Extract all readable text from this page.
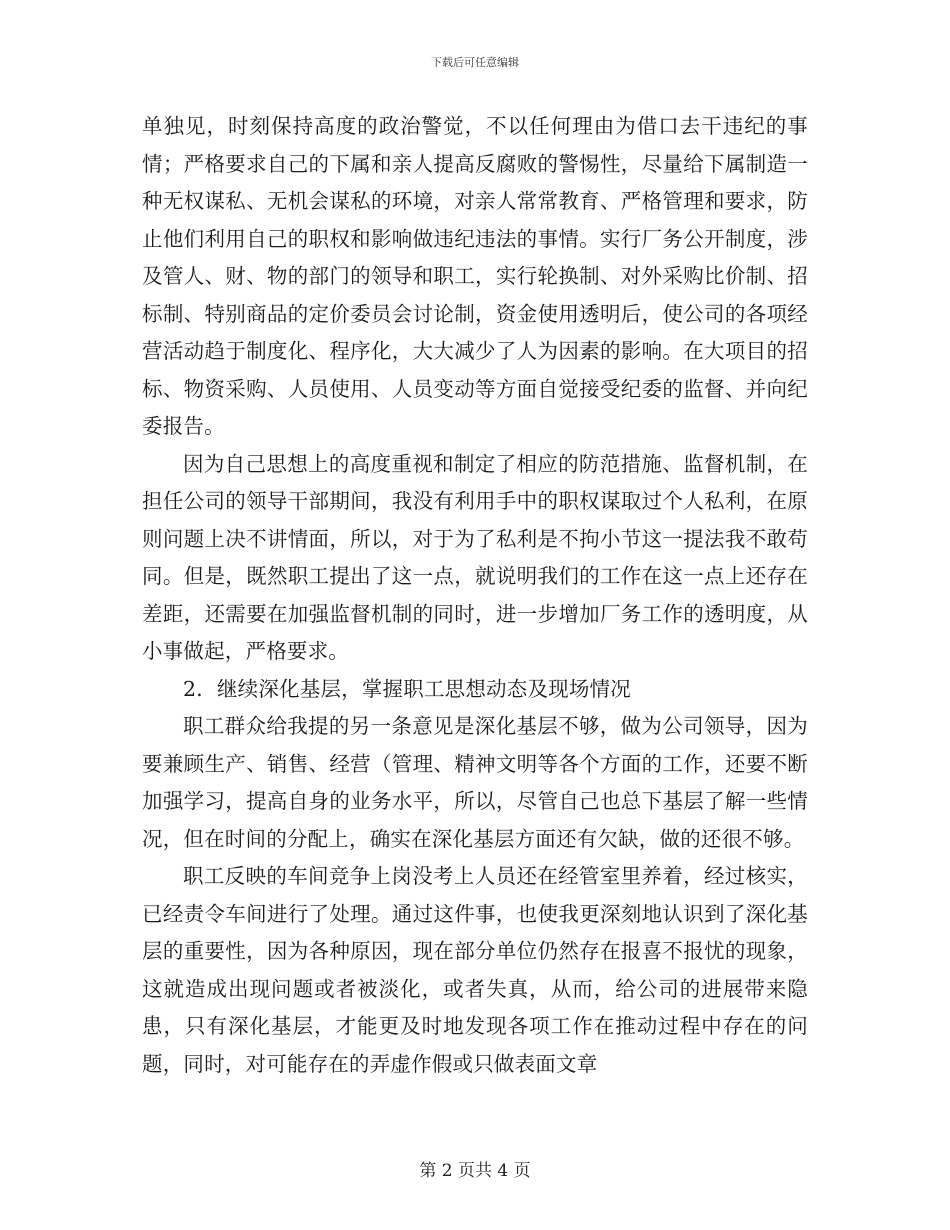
下载后可任意编辑

单独见，时刻保持高度的政治警觉，不以任何理由为借口去干违纪的事情；严格要求自己的下属和亲人提高反腐败的警惕性，尽量给下属制造一种无权谋私、无机会谋私的环境，对亲人常常教育、严格管理和要求，防止他们利用自己的职权和影响做违纪违法的事情。实行厂务公开制度，涉及管人、财、物的部门的领导和职工，实行轮换制、对外采购比价制、招标制、特别商品的定价委员会讨论制，资金使用透明后，使公司的各项经营活动趋于制度化、程序化，大大减少了人为因素的影响。在大项目的招标、物资采购、人员使用、人员变动等方面自觉接受纪委的监督、并向纪委报告。

因为自己思想上的高度重视和制定了相应的防范措施、监督机制，在担任公司的领导干部期间，我没有利用手中的职权谋取过个人私利，在原则问题上决不讲情面，所以，对于为了私利是不拘小节这一提法我不敢苟同。但是，既然职工提出了这一点，就说明我们的工作在这一点上还存在差距，还需要在加强监督机制的同时，进一步增加厂务工作的透明度，从小事做起，严格要求。

2．继续深化基层，掌握职工思想动态及现场情况

职工群众给我提的另一条意见是深化基层不够，做为公司领导，因为要兼顾生产、销售、经营（管理、精神文明等各个方面的工作，还要不断加强学习，提高自身的业务水平，所以，尽管自己也总下基层了解一些情况，但在时间的分配上，确实在深化基层方面还有欠缺，做的还很不够。

职工反映的车间竞争上岗没考上人员还在经管室里养着，经过核实，已经责令车间进行了处理。通过这件事，也使我更深刻地认识到了深化基层的重要性，因为各种原因，现在部分单位仍然存在报喜不报忧的现象，这就造成出现问题或者被淡化，或者失真，从而，给公司的进展带来隐患，只有深化基层，才能更及时地发现各项工作在推动过程中存在的问题，同时，对可能存在的弄虚作假或只做表面文章

第 2 页共 4 页
